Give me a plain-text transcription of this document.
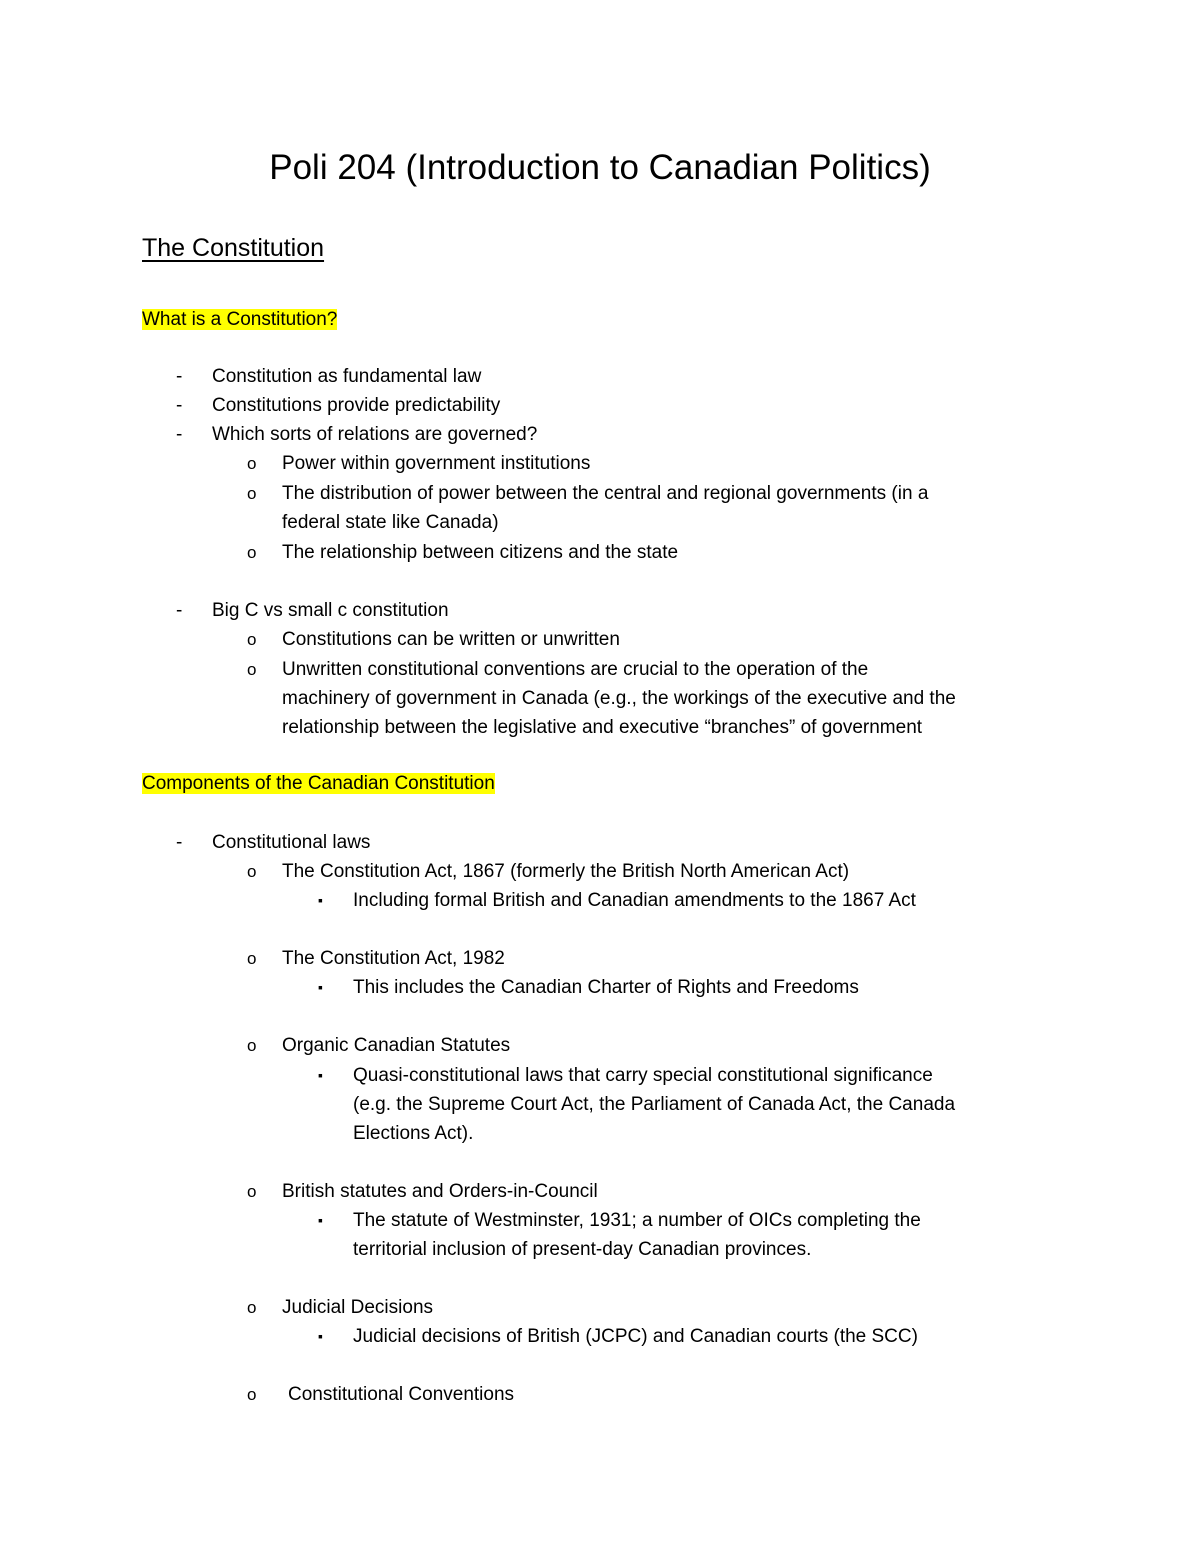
Poli 204 (Introduction to Canadian Politics)
The Constitution
What is a Constitution?
- Constitution as fundamental law
- Constitutions provide predictability
- Which sorts of relations are governed?
o Power within government institutions
o The distribution of power between the central and regional governments (in a
federal state like Canada)
o The relationship between citizens and the state
- Big C vs small c constitution
o Constitutions can be written or unwritten
o Unwritten constitutional conventions are crucial to the operation of the
machinery of government in Canada (e.g., the workings of the executive and the
relationship between the legislative and executive “branches” of government
Components of the Canadian Constitution
- Constitutional laws
o The Constitution Act, 1867 (formerly the British North American Act)
▪ Including formal British and Canadian amendments to the 1867 Act
o The Constitution Act, 1982
▪ This includes the Canadian Charter of Rights and Freedoms
o Organic Canadian Statutes
▪ Quasi-constitutional laws that carry special constitutional significance
(e.g. the Supreme Court Act, the Parliament of Canada Act, the Canada
Elections Act).
o British statutes and Orders-in-Council
▪ The statute of Westminster, 1931; a number of OICs completing the
territorial inclusion of present-day Canadian provinces.
o Judicial Decisions
▪ Judicial decisions of British (JCPC) and Canadian courts (the SCC)
o Constitutional Conventions
